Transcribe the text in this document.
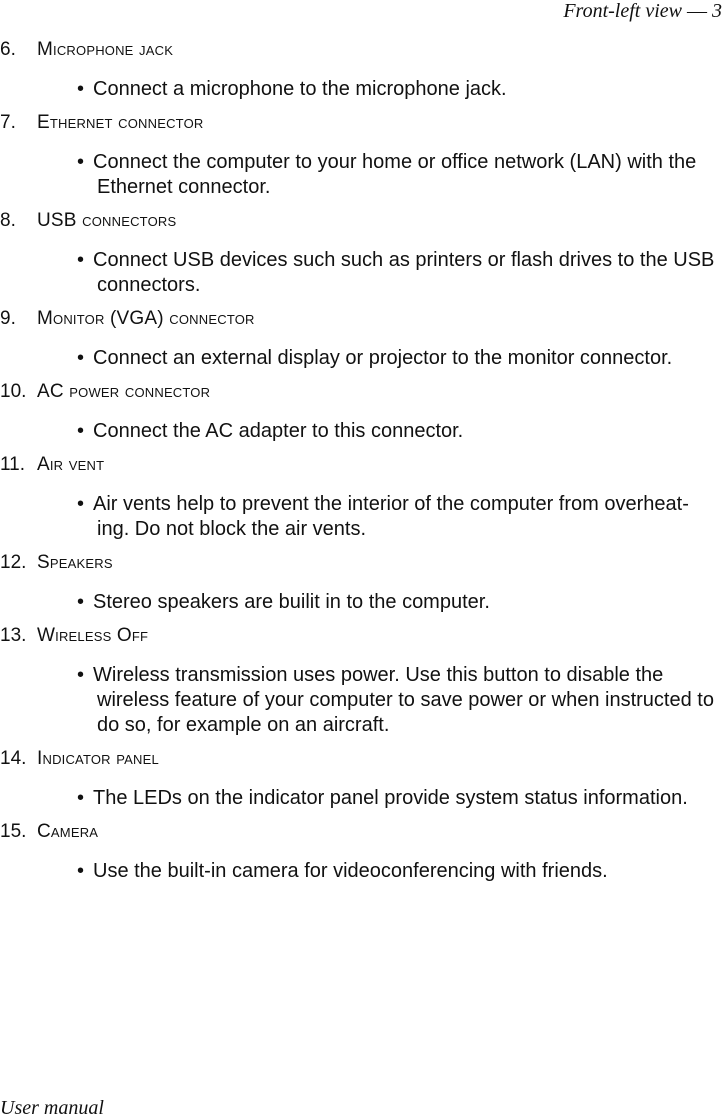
Front-left view — 3
6. Microphone jack
• Connect a microphone to the microphone jack.
7. Ethernet connector
• Connect the computer to your home or office network (LAN) with the Ethernet connector.
8. USB connectors
• Connect USB devices such such as printers or flash drives to the USB connectors.
9. Monitor (VGA) connector
• Connect an external display or projector to the monitor connector.
10. AC power connector
• Connect the AC adapter to this connector.
11. Air vent
• Air vents help to prevent the interior of the computer from overheat-ing. Do not block the air vents.
12. Speakers
• Stereo speakers are builit in to the computer.
13. Wireless Off
• Wireless transmission uses power. Use this button to disable the wireless feature of your computer to save power or when instructed to do so, for example on an aircraft.
14. Indicator panel
• The LEDs on the indicator panel provide system status information.
15. Camera
• Use the built-in camera for videoconferencing with friends.
User manual
